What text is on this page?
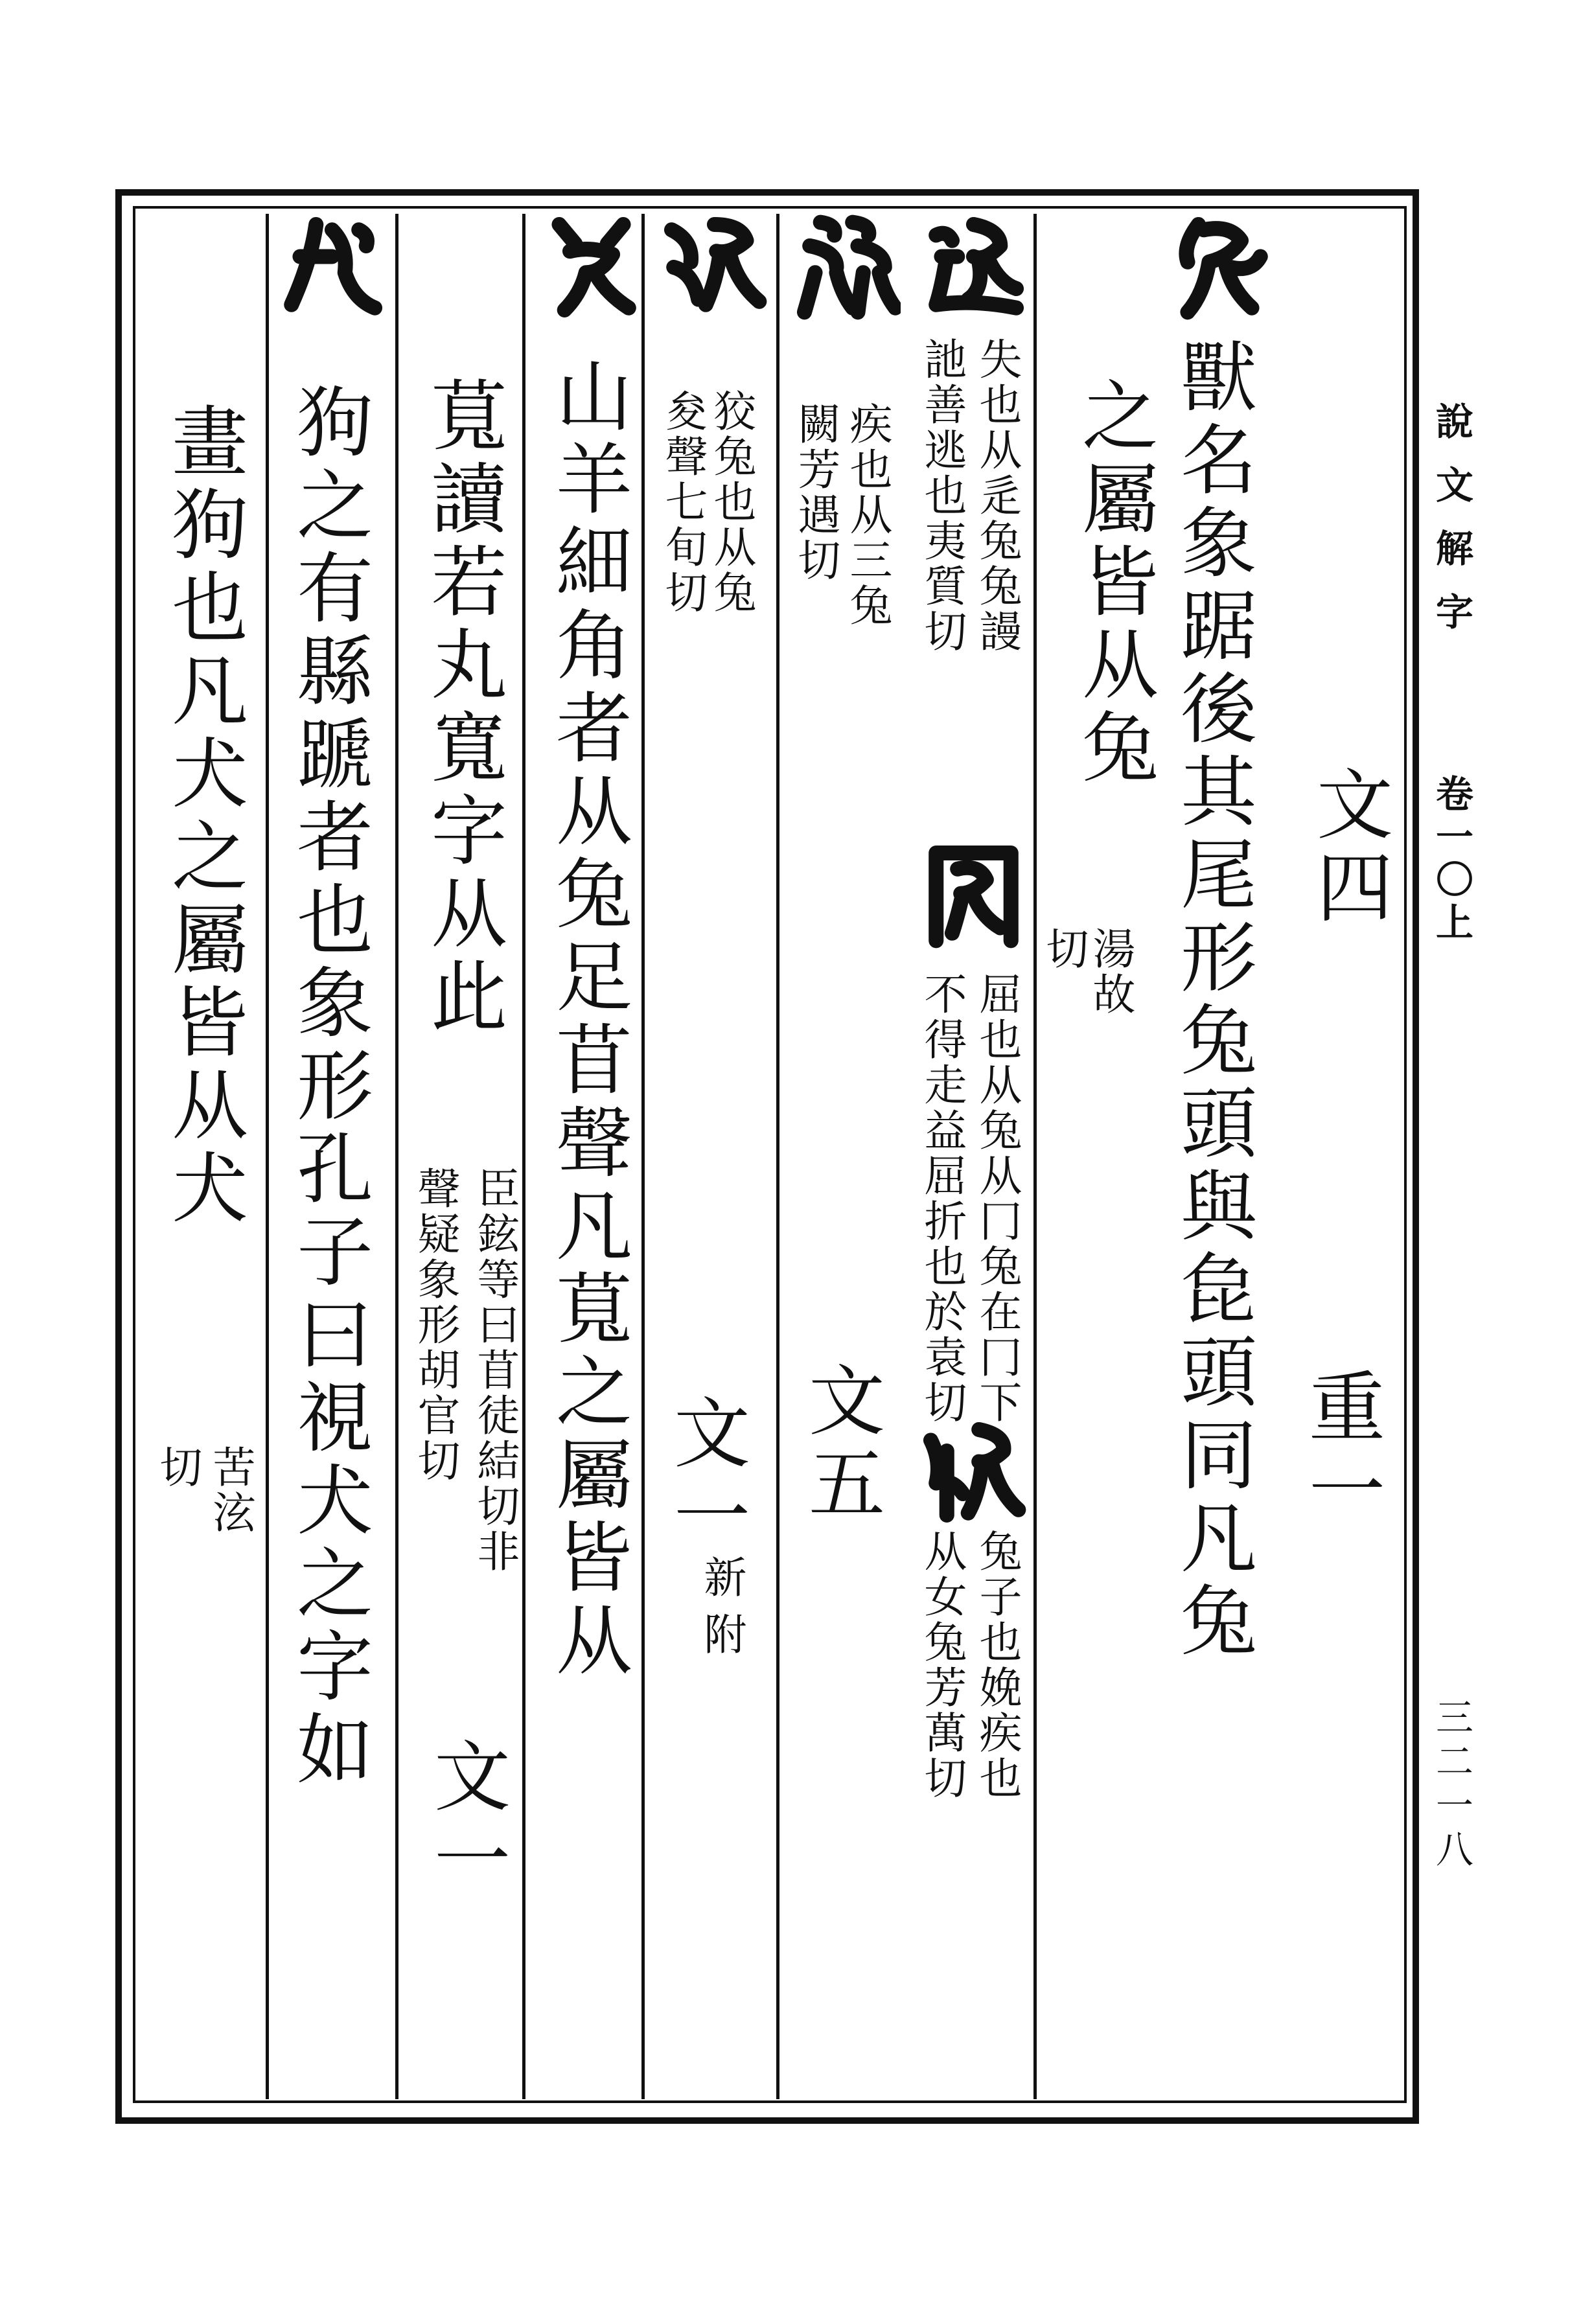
說文解字
卷一〇上
三二一八
獸名象踞後其尾形兔頭與㲋頭同凡兔
之屬皆从兔
湯故
切
文四
重一
失也从辵兔兔謾
訑善逃也夷質切
屈也从兔从冂兔在冂下
不得走益屈折也於袁切
兔子也娩疾也
从女兔芳萬切
疾也从三兔
闕芳遇切
文五
狡兔也从兔
夋聲七旬切
文一
新附
山羊細角者从兔足苜聲凡萈之屬皆从
萈讀若丸寬字从此
臣鉉等曰苜徒結切非
聲疑象形胡官切
文一
狗之有縣蹏者也象形孔子曰視犬之字如
畫狗也凡犬之屬皆从犬
苦泫
切
